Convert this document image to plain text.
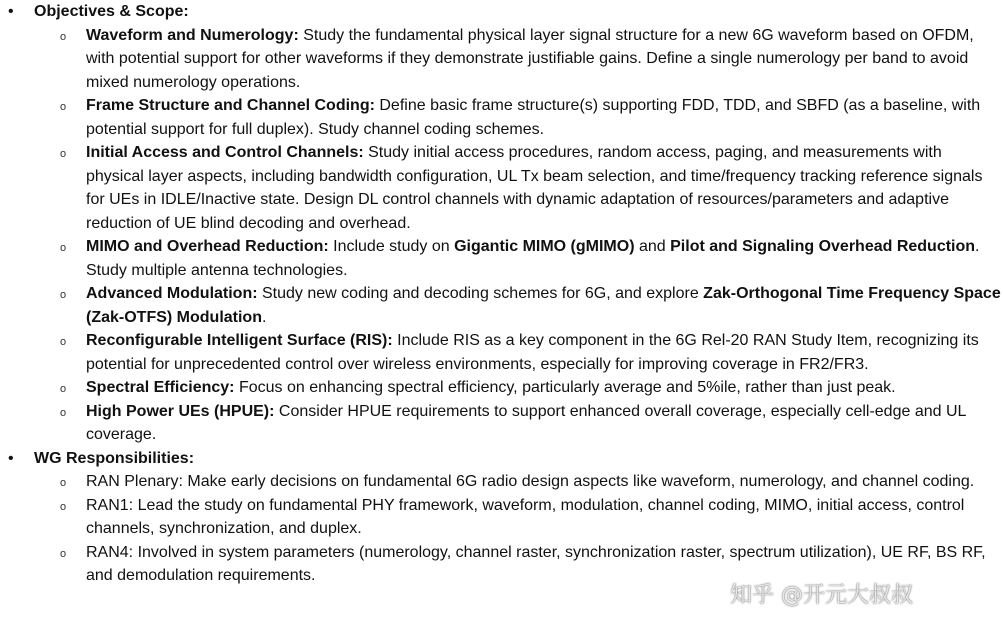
• Objectives & Scope:
o Waveform and Numerology: Study the fundamental physical layer signal structure for a new 6G waveform based on OFDM, with potential support for other waveforms if they demonstrate justifiable gains. Define a single numerology per band to avoid mixed numerology operations.
o Frame Structure and Channel Coding: Define basic frame structure(s) supporting FDD, TDD, and SBFD (as a baseline, with potential support for full duplex). Study channel coding schemes.
o Initial Access and Control Channels: Study initial access procedures, random access, paging, and measurements with physical layer aspects, including bandwidth configuration, UL Tx beam selection, and time/frequency tracking reference signals for UEs in IDLE/Inactive state. Design DL control channels with dynamic adaptation of resources/parameters and adaptive reduction of UE blind decoding and overhead.
o MIMO and Overhead Reduction: Include study on Gigantic MIMO (gMIMO) and Pilot and Signaling Overhead Reduction. Study multiple antenna technologies.
o Advanced Modulation: Study new coding and decoding schemes for 6G, and explore Zak-Orthogonal Time Frequency Space (Zak-OTFS) Modulation.
o Reconfigurable Intelligent Surface (RIS): Include RIS as a key component in the 6G Rel-20 RAN Study Item, recognizing its potential for unprecedented control over wireless environments, especially for improving coverage in FR2/FR3.
o Spectral Efficiency: Focus on enhancing spectral efficiency, particularly average and 5%ile, rather than just peak.
o High Power UEs (HPUE): Consider HPUE requirements to support enhanced overall coverage, especially cell-edge and UL coverage.
• WG Responsibilities:
o RAN Plenary: Make early decisions on fundamental 6G radio design aspects like waveform, numerology, and channel coding.
o RAN1: Lead the study on fundamental PHY framework, waveform, modulation, channel coding, MIMO, initial access, control channels, synchronization, and duplex.
o RAN4: Involved in system parameters (numerology, channel raster, synchronization raster, spectrum utilization), UE RF, BS RF, and demodulation requirements.
知乎 @开元大叔叔
